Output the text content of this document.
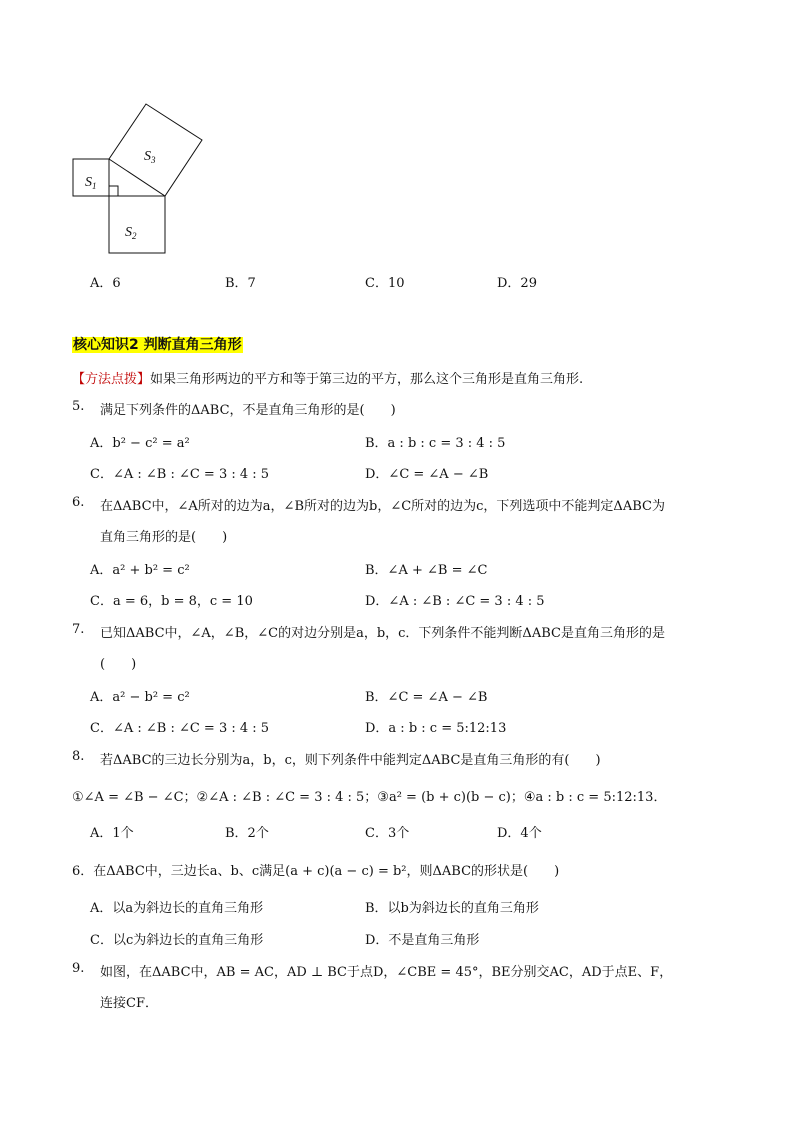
$S_1$
$S_2$
$S_3$
A．6	B．7	C．10	D．29
核心知识2 判断直角三角形
【方法点拨】如果三角形两边的平方和等于第三边的平方，那么这个三角形是直角三角形.
5. 满足下列条件的ΔABC，不是直角三角形的是(　　)
A．b² − c² = a²	B．a : b : c = 3 : 4 : 5
C．∠A : ∠B : ∠C = 3 : 4 : 5	D．∠C = ∠A − ∠B
6. 在ΔABC中，∠A所对的边为a，∠B所对的边为b，∠C所对的边为c，下列选项中不能判定ΔABC为
直角三角形的是(　　)
A．a² + b² = c²	B．∠A + ∠B = ∠C
C．a = 6，b = 8，c = 10	D．∠A : ∠B : ∠C = 3 : 4 : 5
7. 已知ΔABC中，∠A，∠B，∠C的对边分别是a，b，c．下列条件不能判断ΔABC是直角三角形的是
(　　)
A．a² − b² = c²	B．∠C = ∠A − ∠B
C．∠A : ∠B : ∠C = 3 : 4 : 5	D．a : b : c = 5:12:13
8. 若ΔABC的三边长分别为a，b，c，则下列条件中能判定ΔABC是直角三角形的有(　　)
①∠A = ∠B − ∠C；②∠A : ∠B : ∠C = 3 : 4 : 5；③a² = (b + c)(b − c)；④a : b : c = 5:12:13．
A．1个	B．2个	C．3个	D．4个
6．在ΔABC中，三边长a、b、c满足(a + c)(a − c) = b²，则ΔABC的形状是(　　)
A．以a为斜边长的直角三角形	B．以b为斜边长的直角三角形
C．以c为斜边长的直角三角形	D．不是直角三角形
9. 如图，在ΔABC中，AB = AC，AD ⊥ BC于点D，∠CBE = 45°，BE分别交AC，AD于点E、F，
连接CF．
